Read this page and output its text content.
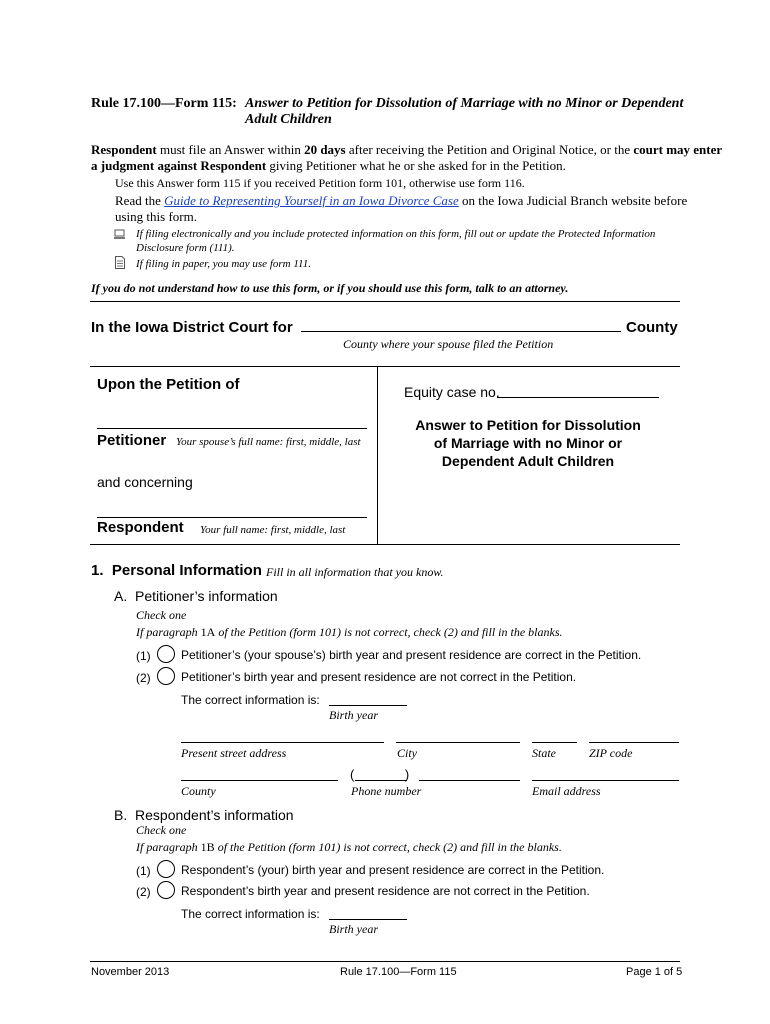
Rule 17.100—Form 115: Answer to Petition for Dissolution of Marriage with no Minor or Dependent
Adult Children
Respondent must file an Answer within 20 days after receiving the Petition and Original Notice, or the court may enter
a judgment against Respondent giving Petitioner what he or she asked for in the Petition.
Use this Answer form 115 if you received Petition form 101, otherwise use form 116.
Read the Guide to Representing Yourself in an Iowa Divorce Case on the Iowa Judicial Branch website before
using this form.
If filing electronically and you include protected information on this form, fill out or update the Protected Information
Disclosure form (111).
If filing in paper, you may use form 111.
If you do not understand how to use this form, or if you should use this form, talk to an attorney.
In the Iowa District Court for	County
County where your spouse filed the Petition
Upon the Petition of
Petitioner Your spouse’s full name: first, middle, last
and concerning
Respondent Your full name: first, middle, last
Equity case no.
Answer to Petition for Dissolution
of Marriage with no Minor or
Dependent Adult Children
1.  Personal Information Fill in all information that you know.
A.  Petitioner’s information
Check one
If paragraph 1A of the Petition (form 101) is not correct, check (2) and fill in the blanks.
(1)	Petitioner’s (your spouse’s) birth year and present residence are correct in the Petition.
(2)	Petitioner’s birth year and present residence are not correct in the Petition.
The correct information is:
Birth year
Present street address	City	State	ZIP code
(              )
County	Phone number	Email address
B.  Respondent’s information
Check one
If paragraph 1B of the Petition (form 101) is not correct, check (2) and fill in the blanks.
(1)	Respondent’s (your) birth year and present residence are correct in the Petition.
(2)	Respondent’s birth year and present residence are not correct in the Petition.
The correct information is:
Birth year
November 2013	Rule 17.100—Form 115	Page 1 of 5
